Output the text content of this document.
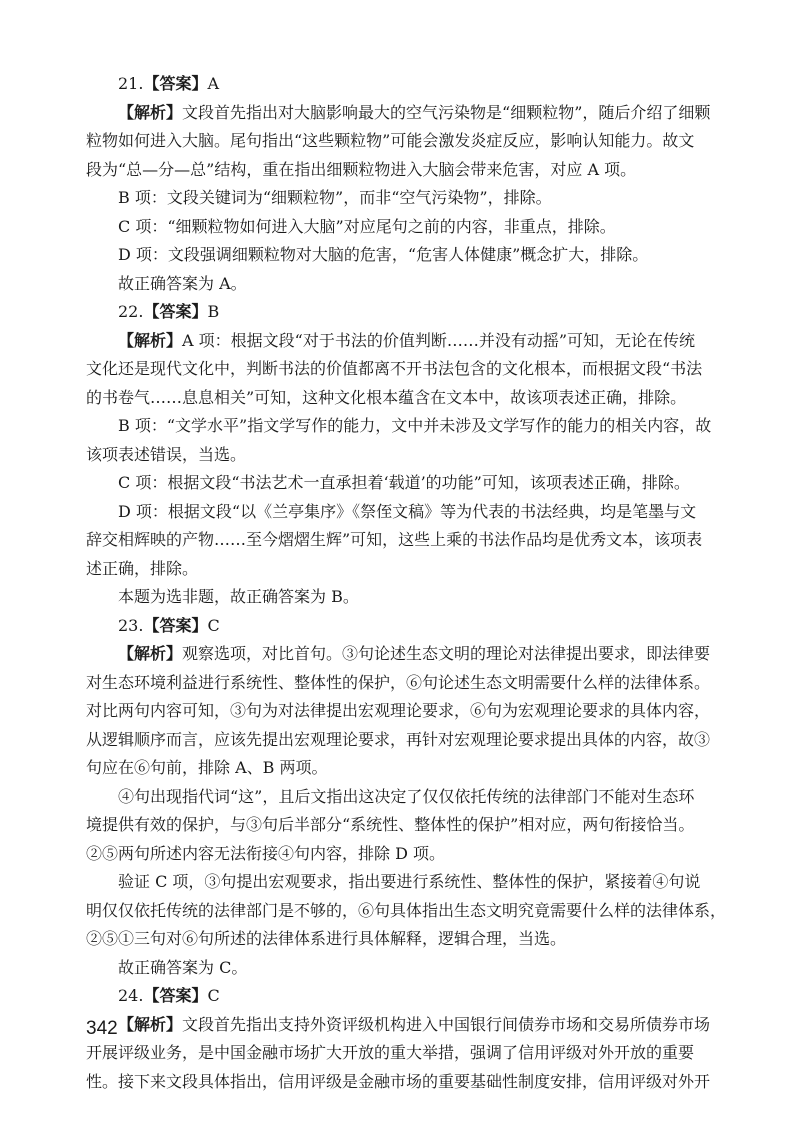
21.【答案】A
【解析】文段首先指出对大脑影响最大的空气污染物是“细颗粒物”，随后介绍了细颗
粒物如何进入大脑。尾句指出“这些颗粒物”可能会激发炎症反应，影响认知能力。故文
段为“总—分—总”结构，重在指出细颗粒物进入大脑会带来危害，对应 A 项。
B 项：文段关键词为“细颗粒物”，而非“空气污染物”，排除。
C 项：“细颗粒物如何进入大脑”对应尾句之前的内容，非重点，排除。
D 项：文段强调细颗粒物对大脑的危害，“危害人体健康”概念扩大，排除。
故正确答案为 A。
22.【答案】B
【解析】A 项：根据文段“对于书法的价值判断……并没有动摇”可知，无论在传统
文化还是现代文化中，判断书法的价值都离不开书法包含的文化根本，而根据文段“书法
的书卷气……息息相关”可知，这种文化根本蕴含在文本中，故该项表述正确，排除。
B 项：“文学水平”指文学写作的能力，文中并未涉及文学写作的能力的相关内容，故
该项表述错误，当选。
C 项：根据文段“书法艺术一直承担着‘载道’的功能”可知，该项表述正确，排除。
D 项：根据文段“以《兰亭集序》《祭侄文稿》等为代表的书法经典，均是笔墨与文
辞交相辉映的产物……至今熠熠生辉”可知，这些上乘的书法作品均是优秀文本，该项表
述正确，排除。
本题为选非题，故正确答案为 B。
23.【答案】C
【解析】观察选项，对比首句。③句论述生态文明的理论对法律提出要求，即法律要
对生态环境利益进行系统性、整体性的保护，⑥句论述生态文明需要什么样的法律体系。
对比两句内容可知，③句为对法律提出宏观理论要求，⑥句为宏观理论要求的具体内容，
从逻辑顺序而言，应该先提出宏观理论要求，再针对宏观理论要求提出具体的内容，故③
句应在⑥句前，排除 A、B 两项。
④句出现指代词“这”，且后文指出这决定了仅仅依托传统的法律部门不能对生态环
境提供有效的保护，与③句后半部分“系统性、整体性的保护”相对应，两句衔接恰当。
②⑤两句所述内容无法衔接④句内容，排除 D 项。
验证 C 项，③句提出宏观要求，指出要进行系统性、整体性的保护，紧接着④句说
明仅仅依托传统的法律部门是不够的，⑥句具体指出生态文明究竟需要什么样的法律体系，
②⑤①三句对⑥句所述的法律体系进行具体解释，逻辑合理，当选。
故正确答案为 C。
24.【答案】C
【解析】文段首先指出支持外资评级机构进入中国银行间债券市场和交易所债券市场
开展评级业务，是中国金融市场扩大开放的重大举措，强调了信用评级对外开放的重要
性。接下来文段具体指出，信用评级是金融市场的重要基础性制度安排，信用评级对外开
342
